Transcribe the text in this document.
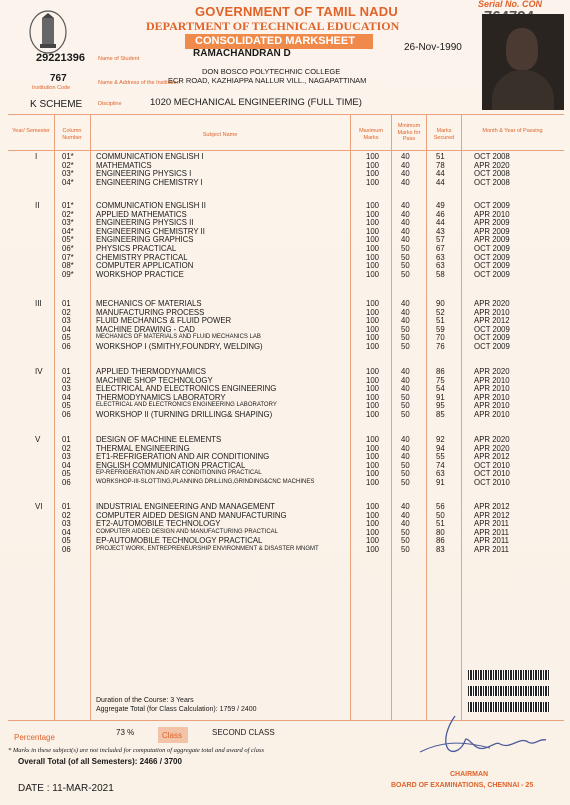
GOVERNMENT OF TAMIL NADU
DEPARTMENT OF TECHNICAL EDUCATION
CONSOLIDATED MARKSHEET
Serial No. CON
29221396 Name of Student	RAMACHANDRAN D
26-Nov-1990
Institution Code
767	Name & Address of the Institution
DON BOSCO POLYTECHNIC COLLEGE
ECR ROAD, KAZHIAPPA NALLUR VILL., NAGAPATTINAM
K SCHEME	Discipline	1020 MECHANICAL ENGINEERING (FULL TIME)
Year/ Semester	Column Number	Subject Name
Maximum Marks
Minimum Marks for Pass
Marks Secured
Month & Year of Passing
I	01*	COMMUNICATION ENGLISH I	100	40	51	OCT 2008
02*	MATHEMATICS	100	40	78	APR 2020
03*	ENGINEERING PHYSICS I	100	40	44	OCT 2008
04*	ENGINEERING CHEMISTRY I	100	40	44	OCT 2008
II	01*	COMMUNICATION ENGLISH II	100	40	49	OCT 2009
02*	APPLIED MATHEMATICS	100	40	46	APR 2010
03*	ENGINEERING PHYSICS II	100	40	44	APR 2009
04*	ENGINEERING CHEMISTRY II	100	40	43	APR 2009
05*	ENGINEERING GRAPHICS	100	40	57	APR 2009
06*	PHYSICS PRACTICAL	100	50	67	OCT 2009
07*	CHEMISTRY PRACTICAL	100	50	63	OCT 2009
08*	COMPUTER APPLICATION	100	50	63	OCT 2009
09*	WORKSHOP PRACTICE	100	50	58	OCT 2009
III	01	MECHANICS OF MATERIALS	100	40	90	APR 2020
02	MANUFACTURING PROCESS	100	40	52	APR 2010
03	FLUID MECHANICS & FLUID POWER	100	40	51	APR 2012
04	MACHINE DRAWING - CAD	100	50	59	OCT 2009
05	MECHANICS OF MATERIALS AND FLUID MECHANICS LAB	100	50	70	OCT 2009
06	WORKSHOP I (SMITHY,FOUNDRY, WELDING)	100	50	76	OCT 2009
IV 01	APPLIED THERMODYNAMICS	100	40	86	APR 2020
02	MACHINE SHOP TECHNOLOGY	100	40	75	APR 2010
03	ELECTRICAL AND ELECTRONICS ENGINEERING	100	40	54	APR 2010
04	THERMODYNAMICS LABORATORY	100	50	91	APR 2010
05	ELECTRICAL AND ELECTRONICS ENGINEERING LABORATORY	100	50	95	APR 2010
06	WORKSHOP II (TURNING DRILLING& SHAPING)	100	50	85	APR 2010
V	01	DESIGN OF MACHINE ELEMENTS	100	40	92	APR 2020
02	THERMAL ENGINEERING	100	40	94	APR 2020
03	ET1-REFRIGERATION AND AIR CONDITIONING	100	40	55	APR 2012
04	ENGLISH COMMUNICATION PRACTICAL	100	50	74	OCT 2010
05	EP-REFRIGERATION AND AIR CONDITIONING PRACTICAL	100	50	63	OCT 2010
06	WORKSHOP-III-SLOTTING,PLANNING DRILLING,GRINDING&CNC MACHINES	100	50	91	OCT 2010
VI 01	INDUSTRIAL ENGINEERING AND MANAGEMENT	100	40	56	APR 2012
02	COMPUTER AIDED DESIGN AND MANUFACTURING	100	40	50	APR 2012
03	ET2-AUTOMOBILE TECHNOLOGY	100	40	51	APR 2011
04	COMPUTER AIDED DESIGN AND MANUFACTURING PRACTICAL	100	50	80	APR 2011
05	EP-AUTOMOBILE TECHNOLOGY PRACTICAL	100	50	86	APR 2011
06	PROJECT WORK, ENTREPRENEURSHIP ENVIRONMENT & DISASTER MNGMT	100	50	83	APR 2011
Duration of the Course: 3 Years
Aggregate Total (for Class Calculation): 1759 / 2400
Percentage
73 %	Class	SECOND CLASS
* Marks in these subject(s) are not included for computation of aggregate total and award of class
Overall Total (of all Semesters): 2466 / 3700
DATE : 11-MAR-2021
CHAIRMAN
BOARD OF EXAMINATIONS, CHENNAI - 25
